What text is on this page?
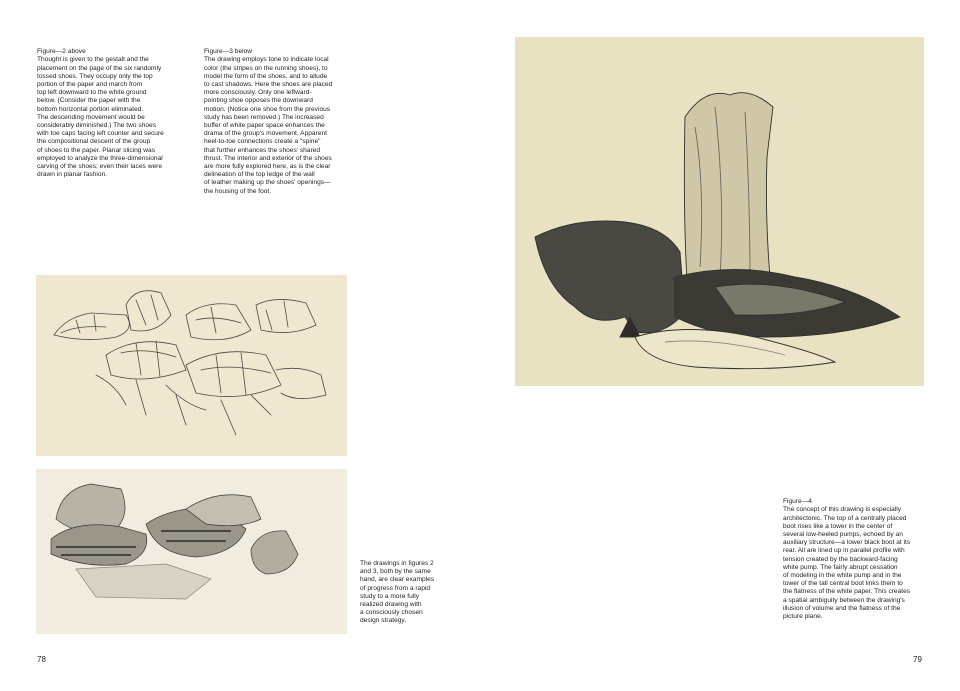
Figure—2 above
Thought is given to the gestalt and the
placement on the page of the six randomly
tossed shoes. They occupy only the top
portion of the paper and march from
top left downward to the white ground
below. (Consider the paper with the
bottom horizontal portion eliminated.
The descending movement would be
considerably diminished.) The two shoes
with toe caps facing left counter and secure
the compositional descent of the group
of shoes to the paper. Planar slicing was
employed to analyze the three-dimensional
carving of the shoes; even their laces were
drawn in planar fashion.

Figure—3 below
The drawing employs tone to indicate local
color (the stripes on the running shoes), to
model the form of the shoes, and to allude
to cast shadows. Here the shoes are placed
more consciously. Only one leftward-
pointing shoe opposes the downward
motion. (Notice one shoe from the previous
study has been removed.) The increased
buffer of white paper space enhances the
drama of the group's movement. Apparent
heel-to-toe connections create a "spine"
that further enhances the shoes' shared
thrust. The interior and exterior of the shoes
are more fully explored here, as is the clear
delineation of the top ledge of the wall
of leather making up the shoes' openings—
the housing of the foot.

The drawings in figures 2
and 3, both by the same
hand, are clear examples
of progress from a rapid
study to a more fully
realized drawing with
a consciously chosen
design strategy.
78

Figure—4
The concept of this drawing is especially
architectonic. The top of a centrally placed
boot rises like a tower in the center of
several low-heeled pumps, echoed by an
auxiliary structure—a lower black boot at its
rear. All are lined up in parallel profile with
tension created by the backward-facing
white pump. The fairly abrupt cessation
of modeling in the white pump and in the
tower of the tall central boot links them to
the flatness of the white paper. This creates
a spatial ambiguity between the drawing's
illusion of volume and the flatness of the
picture plane.

79
